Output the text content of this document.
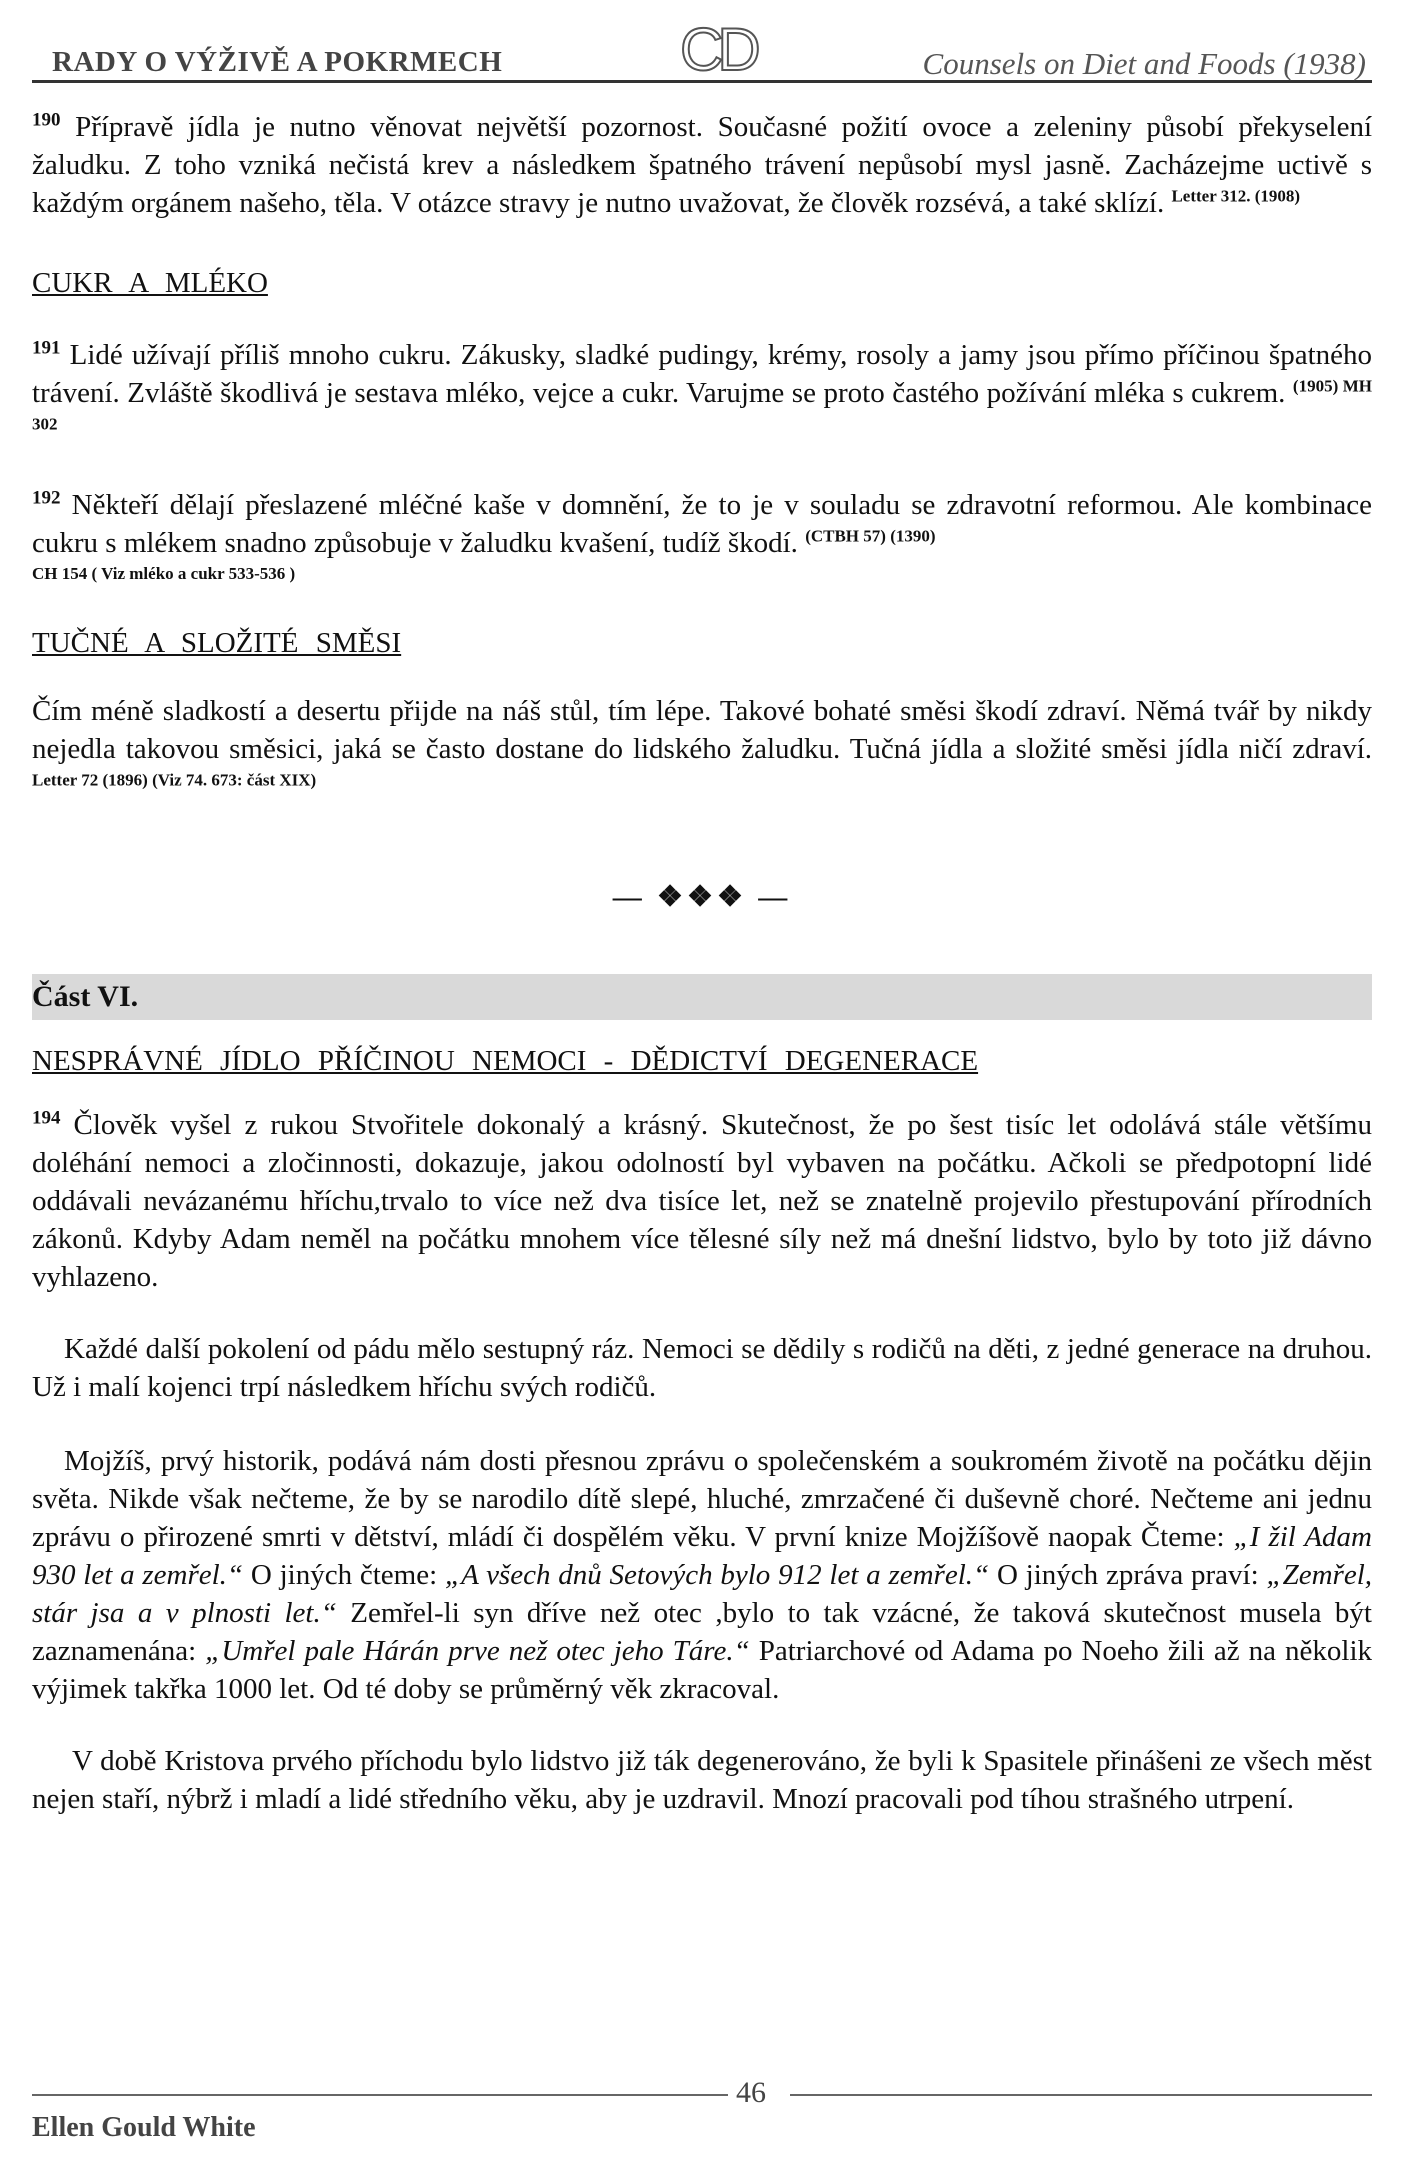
RADY O VÝŽIVĚ A POKRMECH	CD	Counsels on Diet and Foods (1938)

$^{190}$ Přípravě jídla je nutno věnovat největší pozornost. Současné požití ovoce a zeleniny působí překyselení žaludku. Z toho vzniká nečistá krev a následkem špatného trávení nepůsobí mysl jasně. Zacházejme uctivě s každým orgánem našeho, těla. V otázce stravy je nutno uvažovat, že člověk rozsévá, a také sklízí. $^{Letter 312. (1908)}$

CUKR A MLÉKO

$^{191}$ Lidé užívají příliš mnoho cukru. Zákusky, sladké pudingy, krémy, rosoly a jamy jsou přímo příčinou špatného trávení. Zvláště škodlivá je sestava mléko, vejce a cukr. Varujme se proto častého požívání mléka s cukrem. $^{(1905) MH 302}$

$^{192}$ Někteří dělají přeslazené mléčné kaše v domnění, že to je v souladu se zdravotní reformou. Ale kombinace cukru s mlékem snadno způsobuje v žaludku kvašení, tudíž škodí. $^{(CTBH 57) (1390)}$
CH 154 ( Viz mléko a cukr 533-536 )

TUČNÉ A SLOŽITÉ SMĚSI

Čím méně sladkostí a desertu přijde na náš stůl, tím lépe. Takové bohaté směsi škodí zdraví. Němá tvář by nikdy nejedla takovou směsici, jaká se často dostane do lidského žaludku. Tučná jídla a složité směsi jídla ničí zdraví. $^{Letter 72 (1896) (Viz 74. 673: část XIX)}$

— ❖❖❖ —
Část VI.

NESPRÁVNÉ JÍDLO PŘÍČINOU NEMOCI - DĚDICTVÍ DEGENERACE

$^{194}$ Člověk vyšel z rukou Stvořitele dokonalý a krásný. Skutečnost, že po šest tisíc let odolává stále většímu doléhání nemoci a zločinnosti, dokazuje, jakou odolností byl vybaven na počátku. Ačkoli se předpotopní lidé oddávali nevázanému hříchu,trvalo to více než dva tisíce let, než se znatelně projevilo přestupování přírodních zákonů. Kdyby Adam neměl na počátku mnohem více tělesné síly než má dnešní lidstvo, bylo by toto již dávno vyhlazeno.

Každé další pokolení od pádu mělo sestupný ráz. Nemoci se dědily s rodičů na děti, z jedné generace na druhou. Už i malí kojenci trpí následkem hříchu svých rodičů.

Mojžíš, prvý historik, podává nám dosti přesnou zprávu o společenském a soukromém životě na počátku dějin světa. Nikde však nečteme, že by se narodilo dítě slepé, hluché, zmrzačené či duševně choré. Nečteme ani jednu zprávu o přirozené smrti v dětství, mládí či dospělém věku. V první knize Mojžíšově naopak Čteme: „I žil Adam 930 let a zemřel.“ O jiných čteme: „A všech dnů Setových bylo 912 let a zemřel.“ O jiných zpráva praví: „Zemřel, stár jsa a v plnosti let.“ Zemřel-li syn dříve než otec ,bylo to tak vzácné, že taková skutečnost musela být zaznamenána: „Umřel pale Hárán prve než otec jeho Táre.“ Patriarchové od Adama po Noeho žili až na několik výjimek takřka 1000 let. Od té doby se průměrný věk zkracoval.

V době Kristova prvého příchodu bylo lidstvo již ták degenerováno, že byli k Spasitele přinášeni ze všech měst nejen staří, nýbrž i mladí a lidé středního věku, aby je uzdravil. Mnozí pracovali pod tíhou strašného utrpení.

46
Ellen Gould White
